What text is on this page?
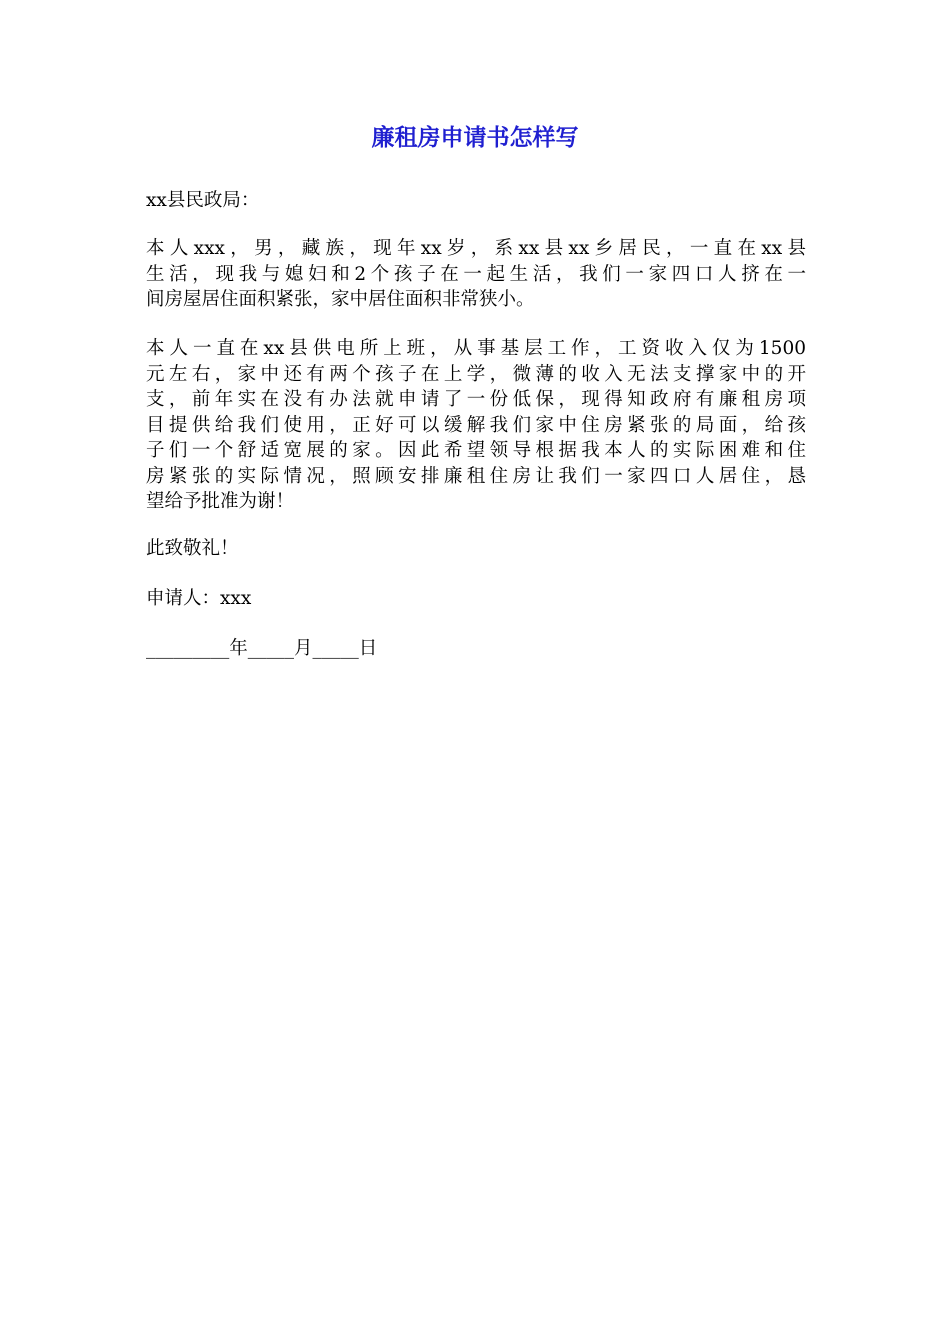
廉租房申请书怎样写
xx县民政局：
本人xxx，男，藏族，现年xx岁，系xx县xx乡居民，一直在xx县
生活，现我与媳妇和2个孩子在一起生活，我们一家四口人挤在一
间房屋居住面积紧张，家中居住面积非常狭小。
本人一直在xx县供电所上班，从事基层工作，工资收入仅为1500
元左右，家中还有两个孩子在上学，微薄的收入无法支撑家中的开
支，前年实在没有办法就申请了一份低保，现得知政府有廉租房项
目提供给我们使用，正好可以缓解我们家中住房紧张的局面，给孩
子们一个舒适宽展的家。因此希望领导根据我本人的实际困难和住
房紧张的实际情况，照顾安排廉租住房让我们一家四口人居住，恳
望给予批准为谢！
此致敬礼！
申请人：xxx
_________年_____月_____日
